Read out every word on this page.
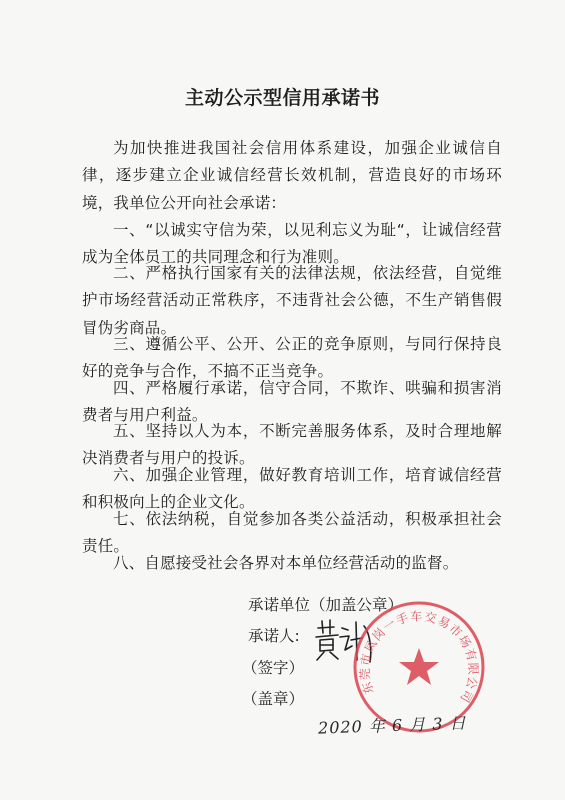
主动公示型信用承诺书
为加快推进我国社会信用体系建设，加强企业诚信自律，逐步建立企业诚信经营长效机制，营造良好的市场环境，我单位公开向社会承诺：
一、“以诚实守信为荣，以见利忘义为耻“，让诚信经营成为全体员工的共同理念和行为准则。
二、严格执行国家有关的法律法规，依法经营，自觉维护市场经营活动正常秩序，不违背社会公德，不生产销售假冒伪劣商品。
三、遵循公平、公开、公正的竞争原则，与同行保持良好的竞争与合作，不搞不正当竞争。
四、严格履行承诺，信守合同，不欺诈、哄骗和损害消费者与用户利益。
五、坚持以人为本，不断完善服务体系，及时合理地解决消费者与用户的投诉。
六、加强企业管理，做好教育培训工作，培育诚信经营和积极向上的企业文化。
七、依法纳税，自觉参加各类公益活动，积极承担社会责任。
八、自愿接受社会各界对本单位经营活动的监督。
承诺单位（加盖公章）
承诺人:
（签字）
（盖章）
东莞市凤岗一手车交易市场有限公司
2020 年 6 月 3 日
